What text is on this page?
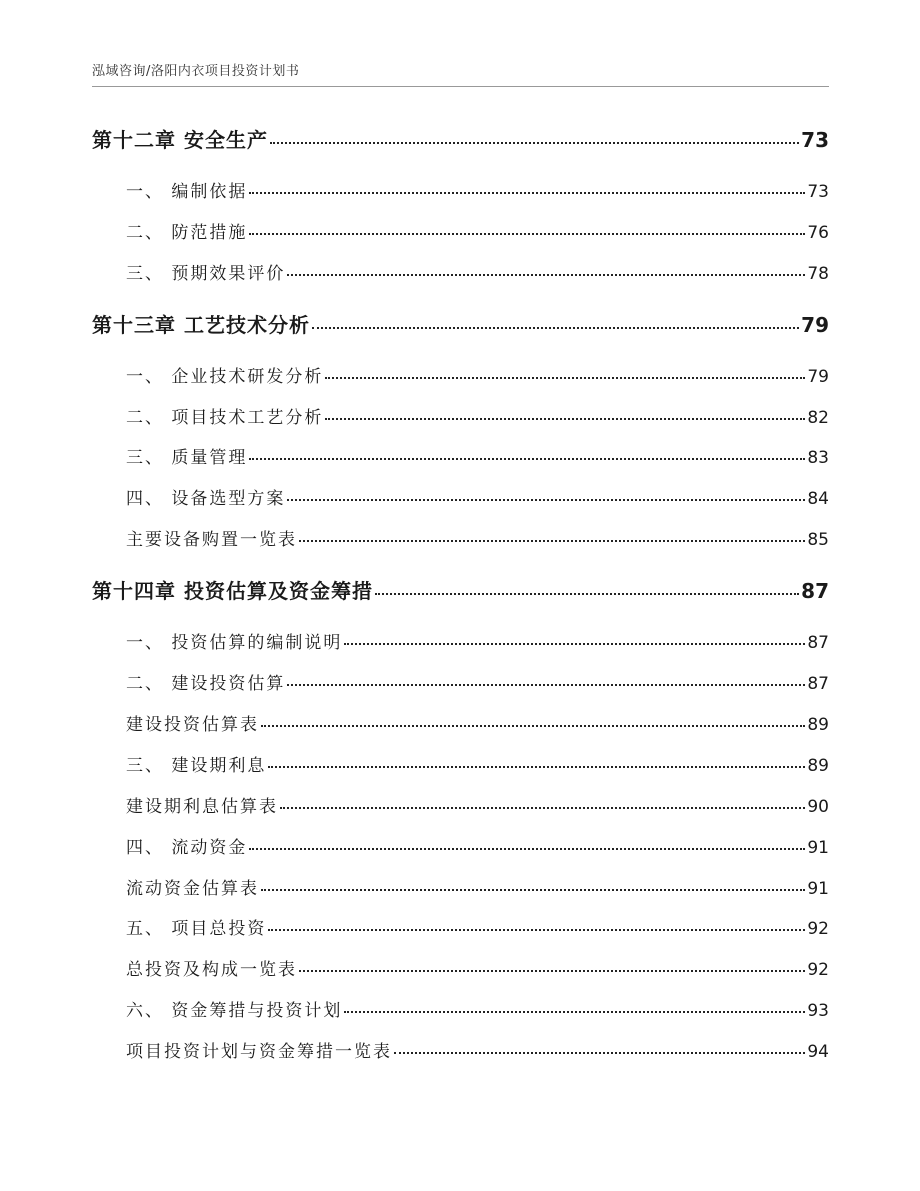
泓域咨询/洛阳内衣项目投资计划书
第十二章 安全生产	73
一、 编制依据	73
二、 防范措施	76
三、 预期效果评价	78
第十三章 工艺技术分析	79
一、 企业技术研发分析	79
二、 项目技术工艺分析	82
三、 质量管理	83
四、 设备选型方案	84
主要设备购置一览表	85
第十四章 投资估算及资金筹措	87
一、 投资估算的编制说明	87
二、 建设投资估算	87
建设投资估算表	89
三、 建设期利息	89
建设期利息估算表	90
四、 流动资金	91
流动资金估算表	91
五、 项目总投资	92
总投资及构成一览表	92
六、 资金筹措与投资计划	93
项目投资计划与资金筹措一览表	94
